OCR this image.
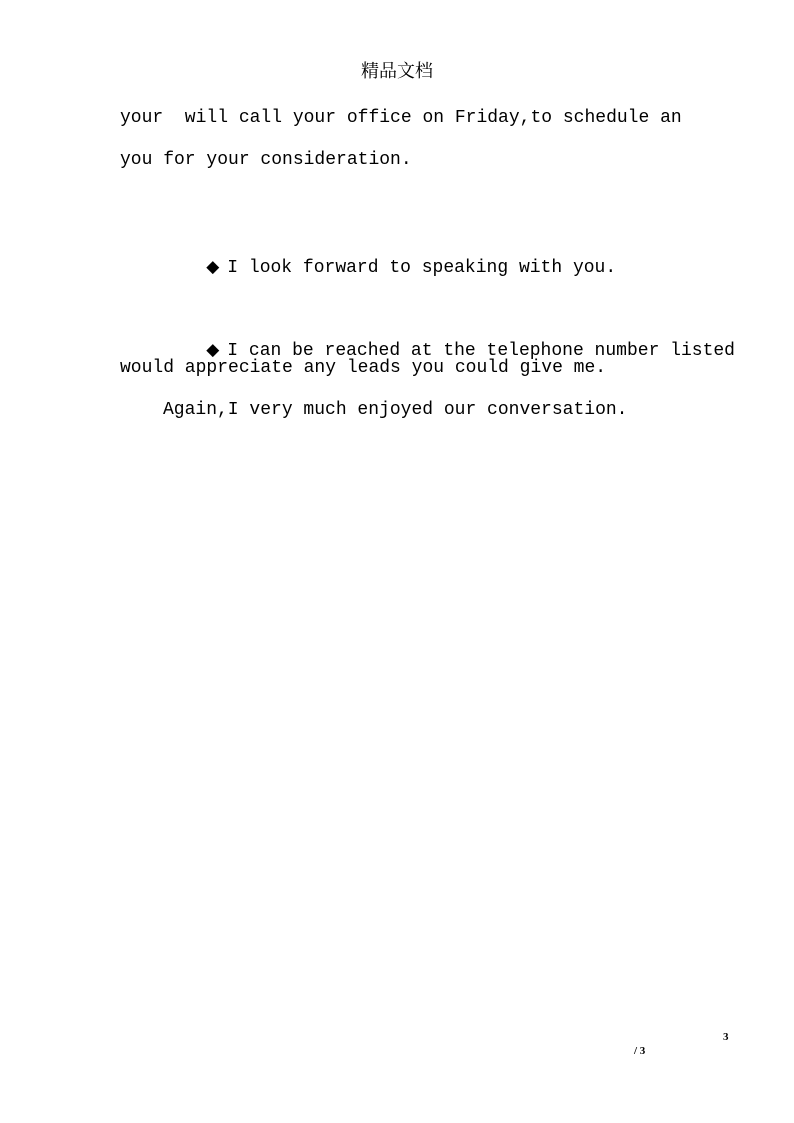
精品文档
your  will call your office on Friday,to schedule an
you for your consideration.

◆ I look forward to speaking with you.

◆ I can be reached at the telephone number listed

would appreciate any leads you could give me.
Again,I very much enjoyed our conversation.
3
/ 3
